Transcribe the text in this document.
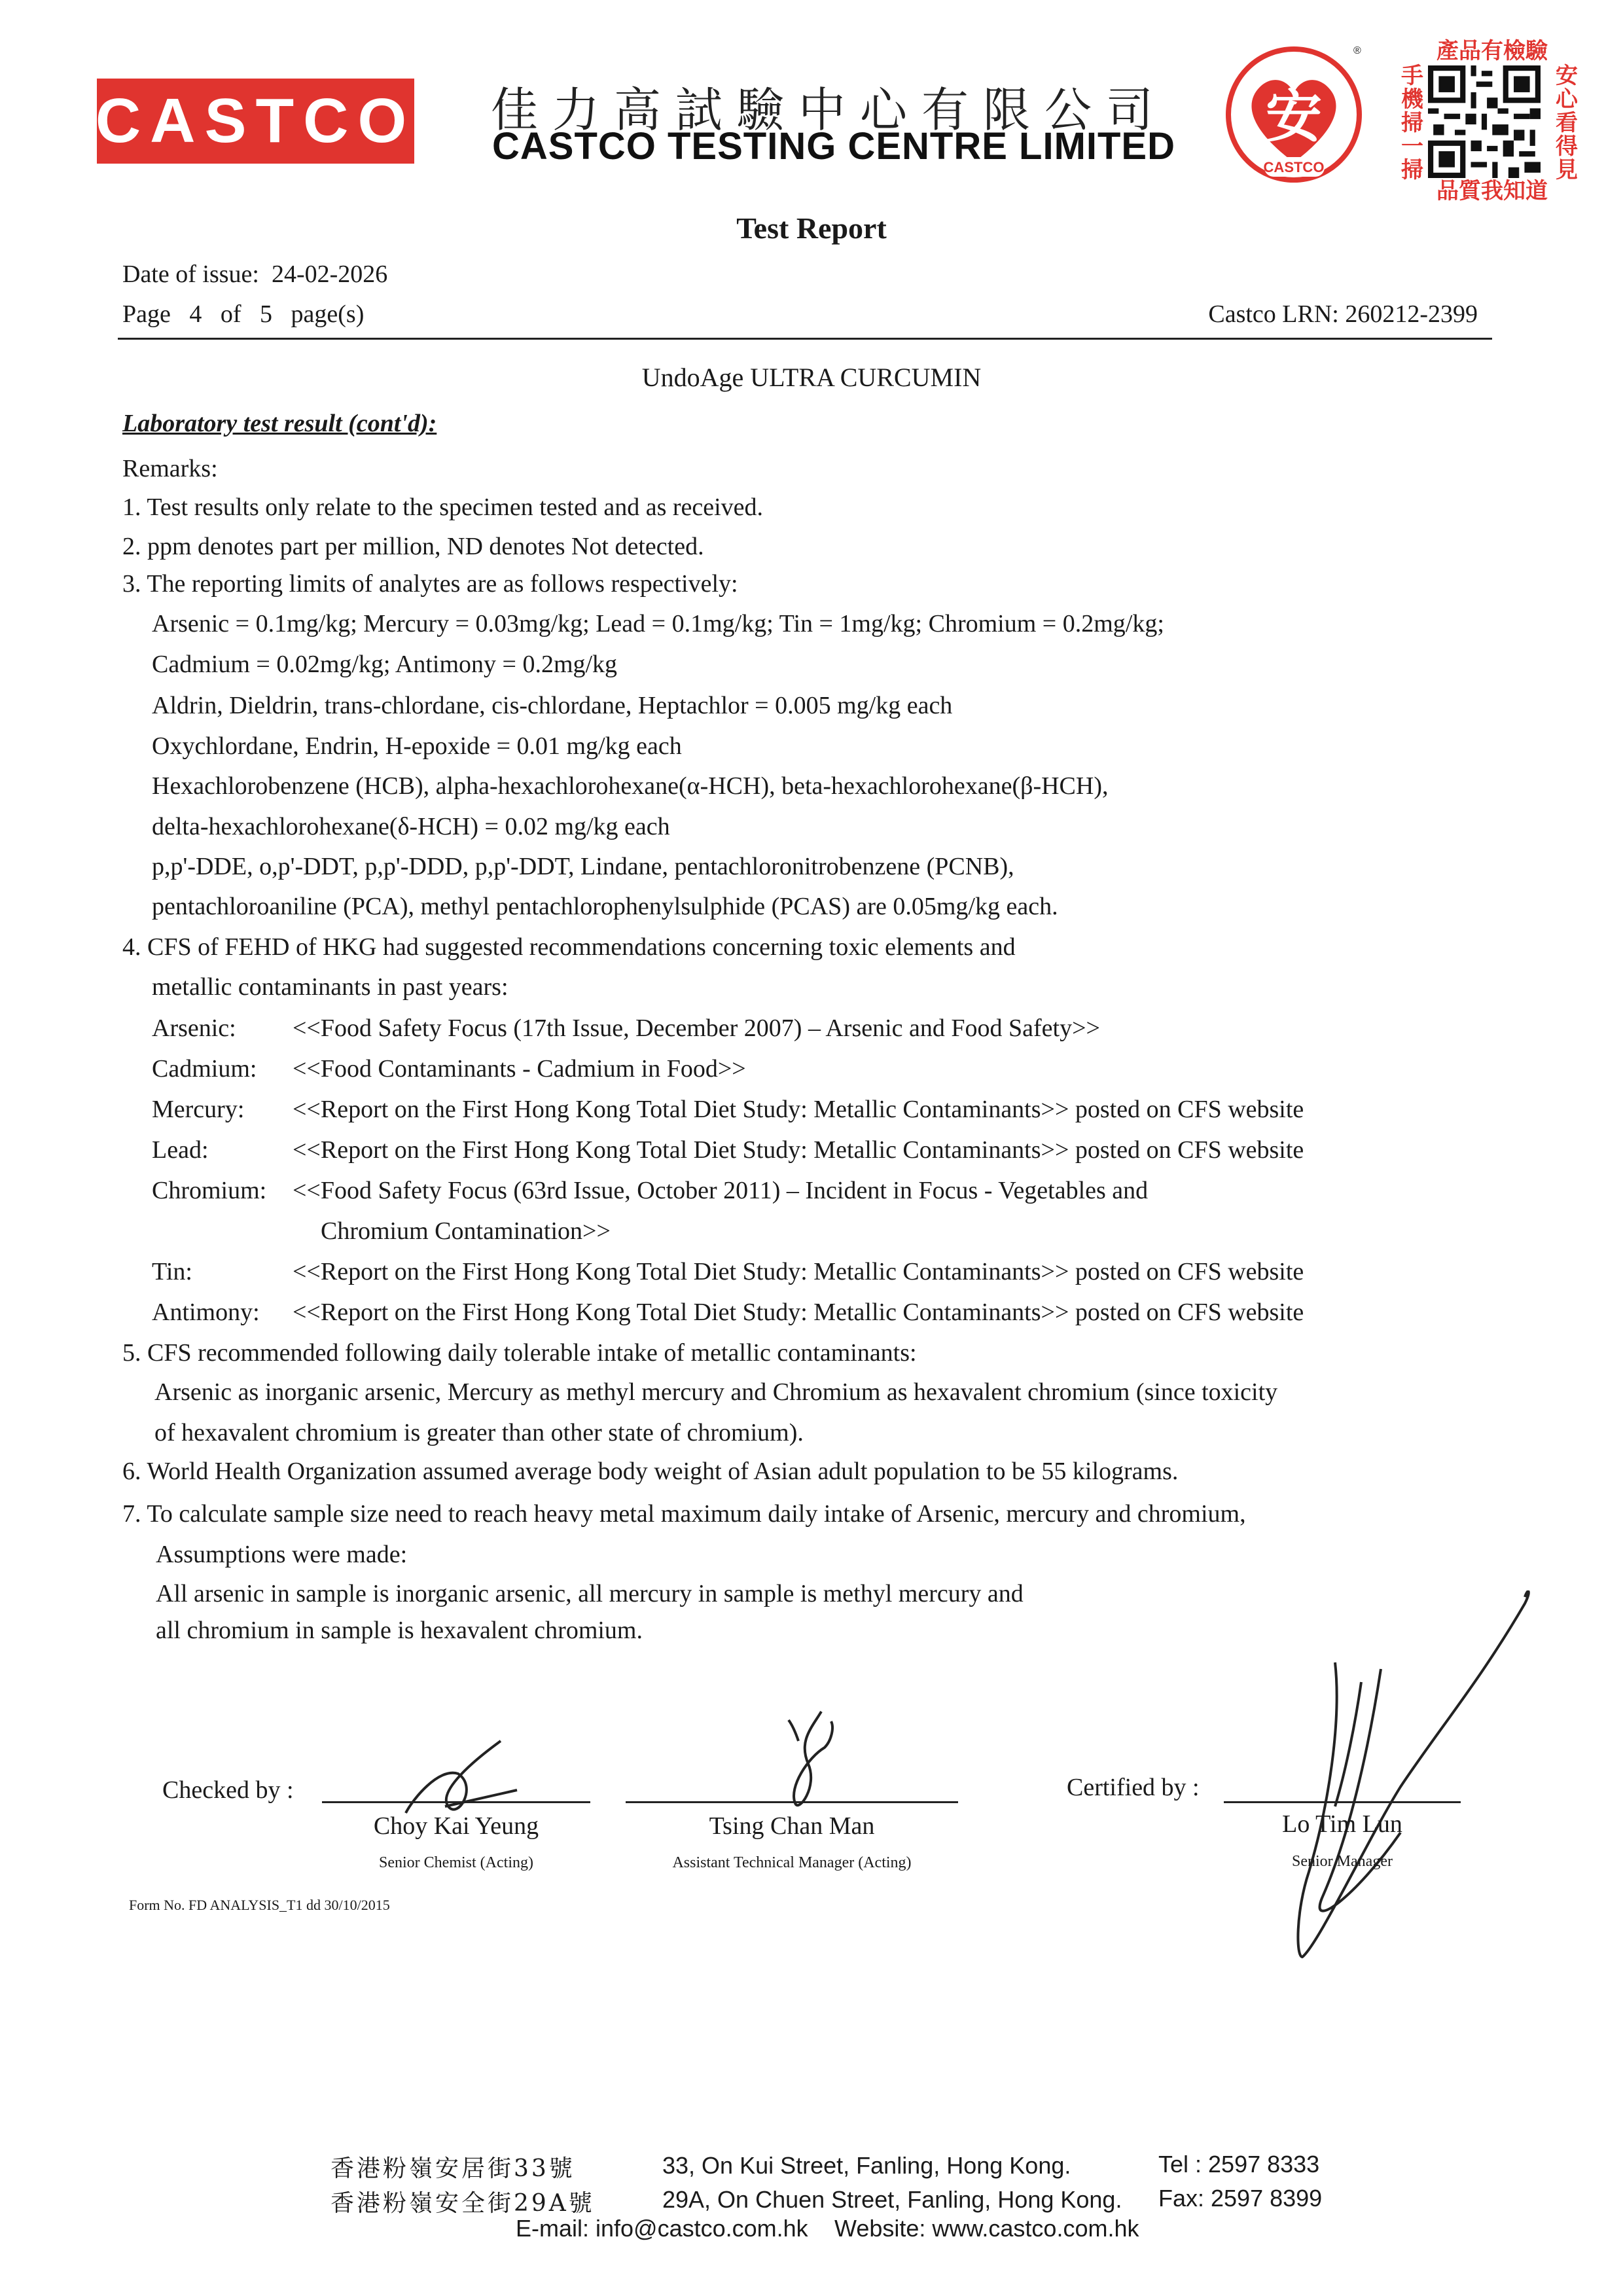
CASTCO 佳力高試驗中心有限公司
CASTCO TESTING CENTRE LIMITED 安
CASTCO
®	產品有檢驗
手
機
掃
一
掃
安
心
看
得
見
品質我知道
Test Report
Date of issue: 24-02-2026
Page   4   of   5   page(s)	Castco LRN: 260212-2399
UndoAge ULTRA CURCUMIN
Laboratory test result (cont'd):
Remarks:
1. Test results only relate to the specimen tested and as received.
2. ppm denotes part per million, ND denotes Not detected.
3. The reporting limits of analytes are as follows respectively:
Arsenic = 0.1mg/kg; Mercury = 0.03mg/kg; Lead = 0.1mg/kg; Tin = 1mg/kg; Chromium = 0.2mg/kg;
Cadmium = 0.02mg/kg; Antimony = 0.2mg/kg
Aldrin, Dieldrin, trans-chlordane, cis-chlordane, Heptachlor = 0.005 mg/kg each
Oxychlordane, Endrin, H-epoxide = 0.01 mg/kg each
Hexachlorobenzene (HCB), alpha-hexachlorohexane(α-HCH), beta-hexachlorohexane(β-HCH),
delta-hexachlorohexane(δ-HCH) = 0.02 mg/kg each
p,p'-DDE, o,p'-DDT, p,p'-DDD, p,p'-DDT, Lindane, pentachloronitrobenzene (PCNB),
pentachloroaniline (PCA), methyl pentachlorophenylsulphide (PCAS) are 0.05mg/kg each.
4. CFS of FEHD of HKG had suggested recommendations concerning toxic elements and
metallic contaminants in past years:
Arsenic: <<Food Safety Focus (17th Issue, December 2007) – Arsenic and Food Safety>>
Cadmium: <<Food Contaminants - Cadmium in Food>>
Mercury: <<Report on the First Hong Kong Total Diet Study: Metallic Contaminants>> posted on CFS website
Lead:	<<Report on the First Hong Kong Total Diet Study: Metallic Contaminants>> posted on CFS website
Chromium: <<Food Safety Focus (63rd Issue, October 2011) – Incident in Focus - Vegetables and
Chromium Contamination>>
Tin:	<<Report on the First Hong Kong Total Diet Study: Metallic Contaminants>> posted on CFS website
Antimony: <<Report on the First Hong Kong Total Diet Study: Metallic Contaminants>> posted on CFS website
5. CFS recommended following daily tolerable intake of metallic contaminants:
Arsenic as inorganic arsenic, Mercury as methyl mercury and Chromium as hexavalent chromium (since toxicity
of hexavalent chromium is greater than other state of chromium).
6. World Health Organization assumed average body weight of Asian adult population to be 55 kilograms.
7. To calculate sample size need to reach heavy metal maximum daily intake of Arsenic, mercury and chromium,
Assumptions were made:
All arsenic in sample is inorganic arsenic, all mercury in sample is methyl mercury and
all chromium in sample is hexavalent chromium.
Checked by :	Certified by :
Choy Kai Yeung
Senior Chemist (Acting)
Tsing Chan Man
Assistant Technical Manager (Acting)
Lo Tim Lun
Senior Manager
Form No. FD ANALYSIS_T1 dd 30/10/2015
香港粉嶺安居街33號
香港粉嶺安全街29A號
33, On Kui Street, Fanling, Hong Kong.
29A, On Chuen Street, Fanling, Hong Kong.
Tel : 2597 8333
Fax: 2597 8399
E-mail: info@castco.com.hk Website: www.castco.com.hk
